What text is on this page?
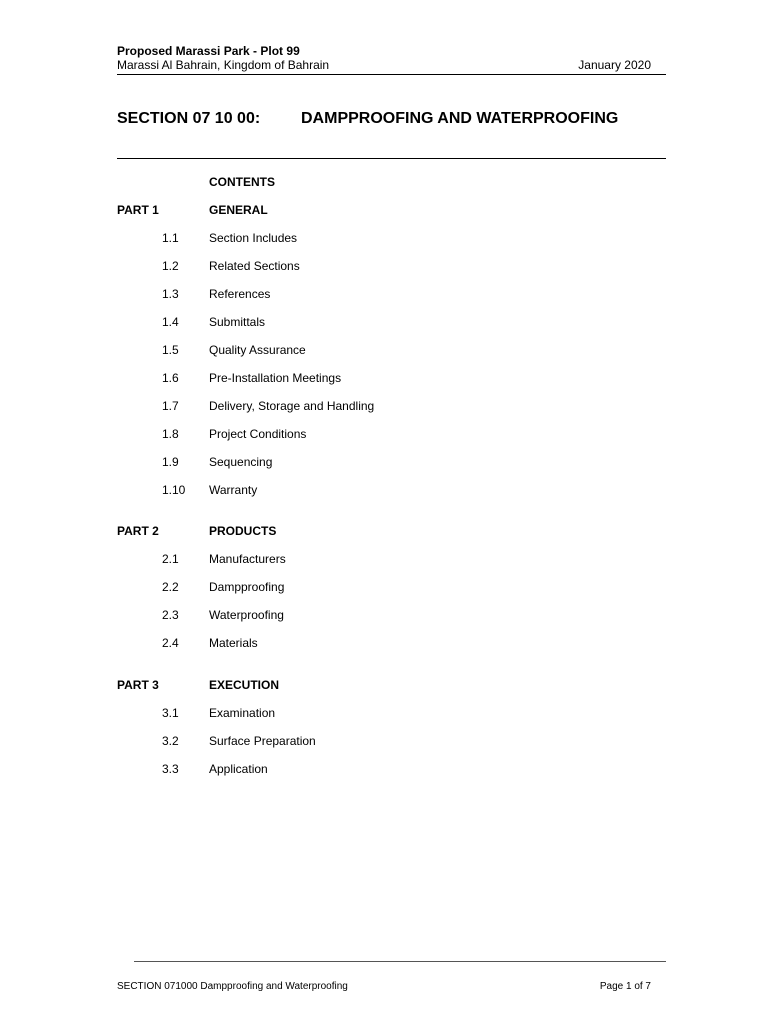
Proposed Marassi Park - Plot 99
Marassi Al Bahrain, Kingdom of Bahrain	January 2020
SECTION 07 10 00:	DAMPPROOFING AND WATERPROOFING
CONTENTS
PART 1	GENERAL
1.1	Section Includes
1.2	Related Sections
1.3	References
1.4	Submittals
1.5	Quality Assurance
1.6	Pre-Installation Meetings
1.7	Delivery, Storage and Handling
1.8	Project Conditions
1.9	Sequencing
1.10 Warranty
PART 2	PRODUCTS
2.1	Manufacturers
2.2	Dampproofing
2.3	Waterproofing
2.4	Materials
PART 3	EXECUTION
3.1	Examination
3.2	Surface Preparation
3.3	Application
SECTION 071000 Dampproofing and Waterproofing	Page 1 of 7
